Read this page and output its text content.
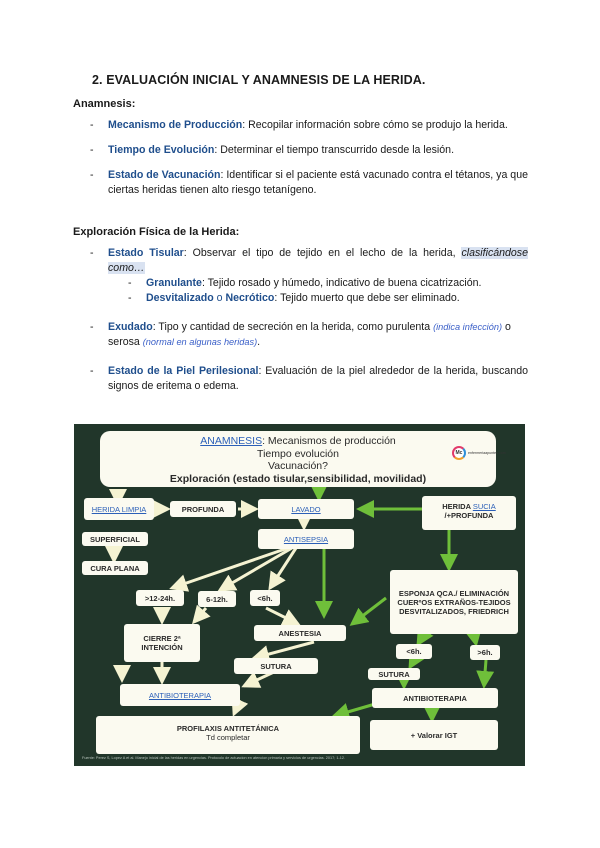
2. EVALUACIÓN INICIAL Y ANAMNESIS DE LA HERIDA.
Anamnesis:
- Mecanismo de Producción: Recopilar información sobre cómo se produjo la herida.
- Tiempo de Evolución: Determinar el tiempo transcurrido desde la lesión.
- Estado de Vacunación: Identificar si el paciente está vacunado contra el tétanos, ya que ciertas heridas tienen alto riesgo tetanígeno.
Exploración Física de la Herida:
- Estado Tisular: Observar el tipo de tejido en el lecho de la herida, clasificándose como…
- Granulante: Tejido rosado y húmedo, indicativo de buena cicatrización.
- Desvitalizado o Necrótico: Tejido muerto que debe ser eliminado.
- Exudado: Tipo y cantidad de secreción en la herida, como purulenta (indica infección) o serosa (normal en algunas heridas).
- Estado de la Piel Perilesional: Evaluación de la piel alrededor de la herida, buscando signos de eritema o edema.
ANAMNESIS: Mecanismos de producción
Tiempo evolución
Vacunación?
Exploración (estado tisular,sensibilidad, movilidad)
Mc	enfermeriaapuntes.com
HERIDA LIMPIA	PROFUNDA	LAVADO	HERIDA SUCIA
/+PROFUNDA
SUPERFICIAL	ANTISEPSIA
CURA PLANA
>12-24h.	6-12h.	<6h.
ESPONJA QCA./ ELIMINACIÓN CUERºOS EXTRAÑOS-TEJIDOS DESVITALIZADOS, FRIEDRICH
CIERRE 2ª INTENCIÓN
ANESTESIA
<6h.	>6h.
SUTURA
SUTURA
ANTIBIOTERAPIA	ANTIBIOTERAPIA
PROFILAXIS ANTITETÁNICA
Td completar	+ Valorar IGT
Fuente: Perez S, Lopez A et al. Manejo inicial de las heridas en urgencias. Protocolo de actuacion en atencion primaria y servicios de urgencias. 2017; 1-12.
